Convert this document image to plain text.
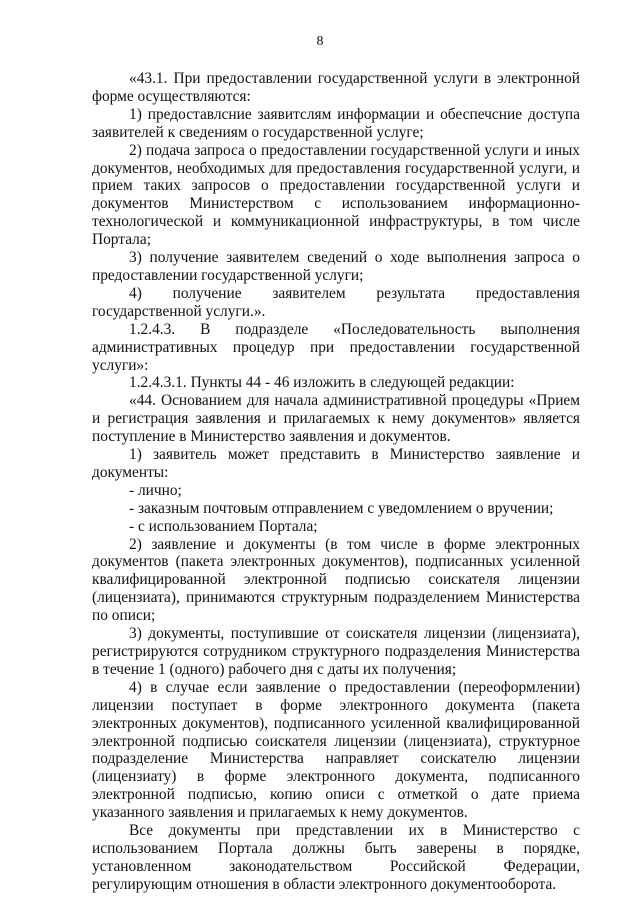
8

«43.1. При предоставлении государственной услуги в электронной форме осуществляются:

1) предоставлсние заявитслям информации и обеспечсние доступа заявителей к сведениям о государственной услуге;

2) подача запроса о предоставлении государственной услуги и иных документов, необходимых для предоставления государственной услуги, и прием таких запросов о предоставлении государственной услуги и документов Министерством с использованием информационно-технологической и коммуникационной инфраструктуры, в том числе Портала;

3) получение заявителем сведений о ходе выполнения запроса о предоставлении государственной услуги;

4) получение заявителем результата предоставления государственной услуги.».

1.2.4.3. В подразделе «Последовательность выполнения административных процедур при предоставлении государственной услуги»:

1.2.4.3.1. Пункты 44 - 46 изложить в следующей редакции:

«44. Основанием для начала административной процедуры «Прием и регистрация заявления и прилагаемых к нему документов» является поступление в Министерство заявления и документов.

1) заявитель может представить в Министерство заявление и документы:

- лично;

- заказным почтовым отправлением с уведомлением о вручении;

- с использованием Портала;

2) заявление и документы (в том числе в форме электронных документов (пакета электронных документов), подписанных усиленной квалифицированной электронной подписью соискателя лицензии (лицензиата), принимаются структурным подразделением Министерства по описи;

3) документы, поступившие от соискателя лицензии (лицензиата), регистрируются сотрудником структурного подразделения Министерства в течение 1 (одного) рабочего дня с даты их получения;

4) в случае если заявление о предоставлении (переоформлении) лицензии поступает в форме электронного документа (пакета электронных документов), подписанного усиленной квалифицированной электронной подписью соискателя лицензии (лицензиата), структурное подразделение Министерства направляет соискателю лицензии (лицензиату) в форме электронного документа, подписанного электронной подписью, копию описи с отметкой о дате приема указанного заявления и прилагаемых к нему документов.

Все документы при представлении их в Министерство с использованием Портала должны быть заверены в порядке, установленном законодательством Российской Федерации, регулирующим отношения в области электронного документооборота.
